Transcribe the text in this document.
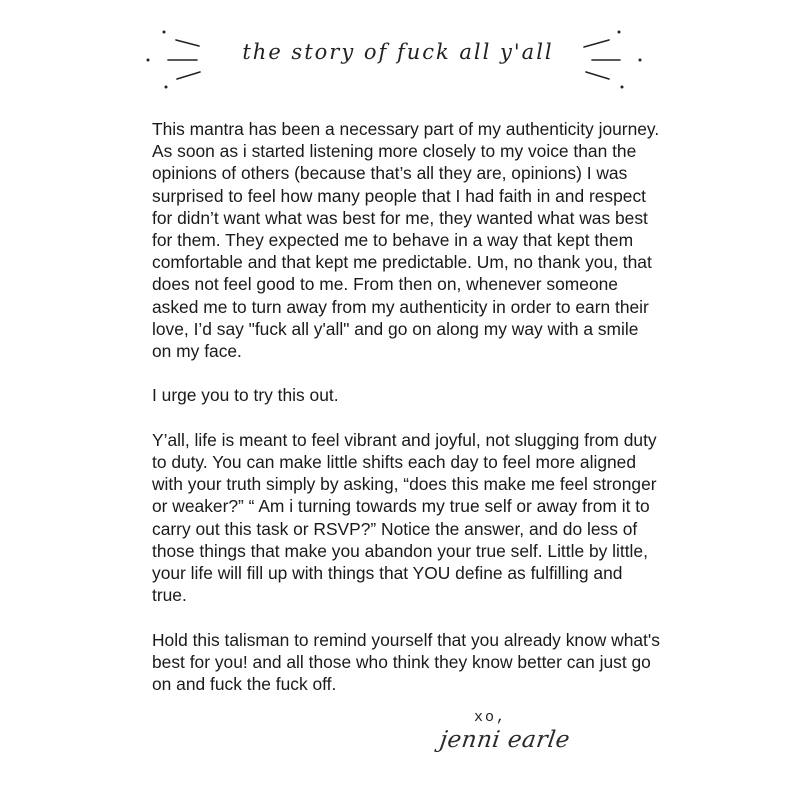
the story of fuck all y'all

This mantra has been a necessary part of my authenticity journey. As soon as i started listening more closely to my voice than the opinions of others (because that’s all they are, opinions) I was surprised to feel how many people that I had faith in and respect for didn’t want what was best for me, they wanted what was best for them. They expected me to behave in a way that kept them comfortable and that kept me predictable. Um, no thank you, that does not feel good to me. From then on, whenever someone asked me to turn away from my authenticity in order to earn their love, I’d say "fuck all y'all" and go on along my way with a smile on my face.

I urge you to try this out.

Y’all, life is meant to feel vibrant and joyful, not slugging from duty to duty. You can make little shifts each day to feel more aligned with your truth simply by asking, “does this make me feel stronger or weaker?” “ Am i turning towards my true self or away from it to carry out this task or RSVP?” Notice the answer, and do less of those things that make you abandon your true self. Little by little, your life will fill up with things that YOU define as fulfilling and true.

Hold this talisman to remind yourself that you already know what's best for you! and all those who think they know better can just go on and fuck the fuck off.

xo,
jenni earle
